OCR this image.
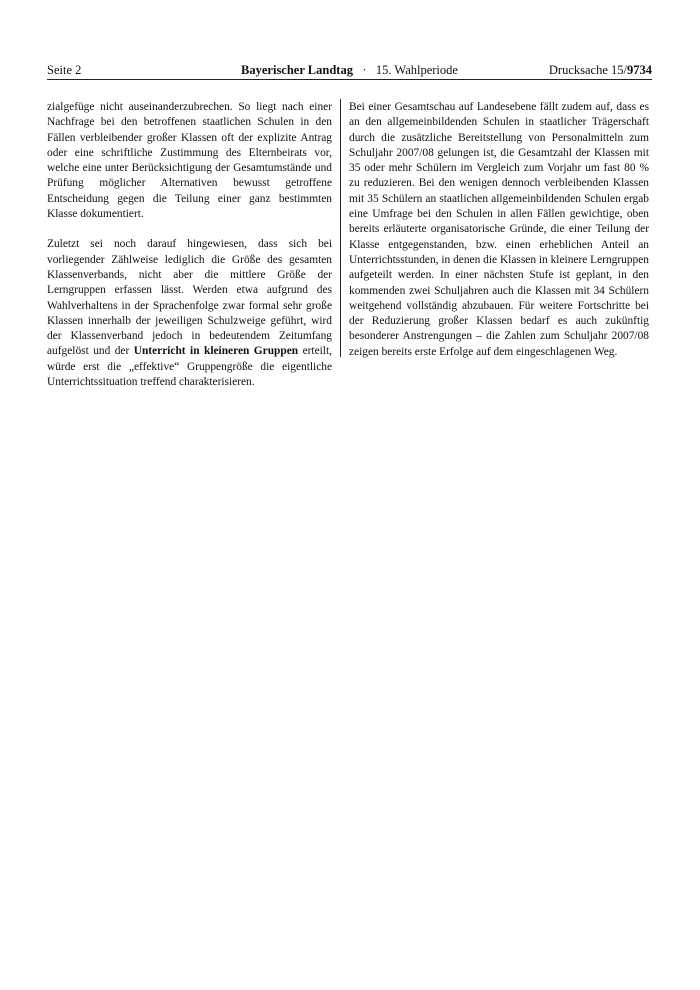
Seite 2	Bayerischer Landtag · 15. Wahlperiode	Drucksache 15/9734

zialgefüge nicht auseinanderzubrechen. So liegt nach einer Nachfrage bei den betroffenen staatlichen Schulen in den Fällen verbleibender großer Klassen oft der explizite Antrag oder eine schriftliche Zustimmung des Elternbeirats vor, welche eine unter Berücksichtigung der Gesamtumstände und Prüfung möglicher Alternativen bewusst getroffene Entscheidung gegen die Teilung einer ganz bestimmten Klasse dokumentiert.

Zuletzt sei noch darauf hingewiesen, dass sich bei vorliegender Zählweise lediglich die Größe des gesamten Klassenverbands, nicht aber die mittlere Größe der Lerngruppen erfassen lässt. Werden etwa aufgrund des Wahlverhaltens in der Sprachenfolge zwar formal sehr große Klassen innerhalb der jeweiligen Schulzweige geführt, wird der Klassenverband jedoch in bedeutendem Zeitumfang aufgelöst und der Unterricht in kleineren Gruppen erteilt, würde erst die „effektive“ Gruppengröße die eigentliche Unterrichtssituation treffend charakterisieren.

Bei einer Gesamtschau auf Landesebene fällt zudem auf, dass es an den allgemeinbildenden Schulen in staatlicher Trägerschaft durch die zusätzliche Bereitstellung von Personalmitteln zum Schuljahr 2007/08 gelungen ist, die Gesamtzahl der Klassen mit 35 oder mehr Schülern im Vergleich zum Vorjahr um fast 80 % zu reduzieren. Bei den wenigen dennoch verbleibenden Klassen mit 35 Schülern an staatlichen allgemeinbildenden Schulen ergab eine Umfrage bei den Schulen in allen Fällen gewichtige, oben bereits erläuterte organisatorische Gründe, die einer Teilung der Klasse entgegenstanden, bzw. einen erheblichen Anteil an Unterrichtsstunden, in denen die Klassen in kleinere Lerngruppen aufgeteilt werden. In einer nächsten Stufe ist geplant, in den kommenden zwei Schuljahren auch die Klassen mit 34 Schülern weitgehend vollständig abzubauen. Für weitere Fortschritte bei der Reduzierung großer Klassen bedarf es auch zukünftig besonderer Anstrengungen – die Zahlen zum Schuljahr 2007/08 zeigen bereits erste Erfolge auf dem eingeschlagenen Weg.
